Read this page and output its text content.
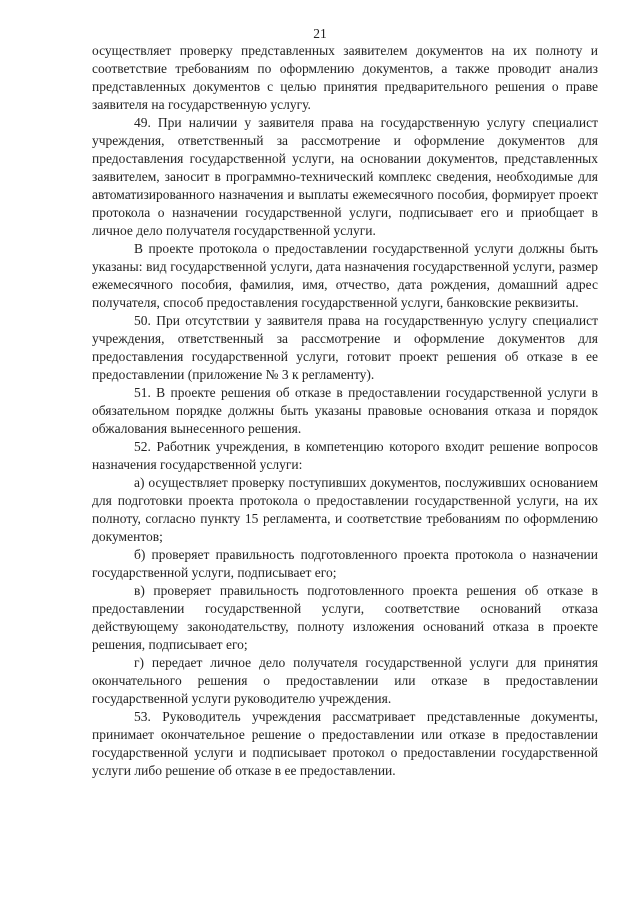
21

осуществляет проверку представленных заявителем документов на их полноту и соответствие требованиям по оформлению документов, а также проводит анализ представленных документов с целью принятия предварительного решения о праве заявителя на государственную услугу.

49. При наличии у заявителя права на государственную услугу специалист учреждения, ответственный за рассмотрение и оформление документов для предоставления государственной услуги, на основании документов, представленных заявителем, заносит в программно-технический комплекс сведения, необходимые для автоматизированного назначения и выплаты ежемесячного пособия, формирует проект протокола о назначении государственной услуги, подписывает его и приобщает в личное дело получателя государственной услуги.

В проекте протокола о предоставлении государственной услуги должны быть указаны: вид государственной услуги, дата назначения государственной услуги, размер ежемесячного пособия, фамилия, имя, отчество, дата рождения, домашний адрес получателя, способ предоставления государственной услуги, банковские реквизиты.

50. При отсутствии у заявителя права на государственную услугу специалист учреждения, ответственный за рассмотрение и оформление документов для предоставления государственной услуги, готовит проект решения об отказе в ее предоставлении (приложение № 3 к регламенту).

51. В проекте решения об отказе в предоставлении государственной услуги в обязательном порядке должны быть указаны правовые основания отказа и порядок обжалования вынесенного решения.

52. Работник учреждения, в компетенцию которого входит решение вопросов назначения государственной услуги:

а) осуществляет проверку поступивших документов, послуживших основанием для подготовки проекта протокола о предоставлении государственной услуги, на их полноту, согласно пункту 15 регламента, и соответствие требованиям по оформлению документов;

б) проверяет правильность подготовленного проекта протокола о назначении государственной услуги, подписывает его;

в) проверяет правильность подготовленного проекта решения об отказе в предоставлении государственной услуги, соответствие оснований отказа действующему законодательству, полноту изложения оснований отказа в проекте решения, подписывает его;

г) передает личное дело получателя государственной услуги для принятия окончательного решения о предоставлении или отказе в предоставлении государственной услуги руководителю учреждения.

53. Руководитель учреждения рассматривает представленные документы, принимает окончательное решение о предоставлении или отказе в предоставлении государственной услуги и подписывает протокол о предоставлении государственной услуги либо решение об отказе в ее предоставлении.
